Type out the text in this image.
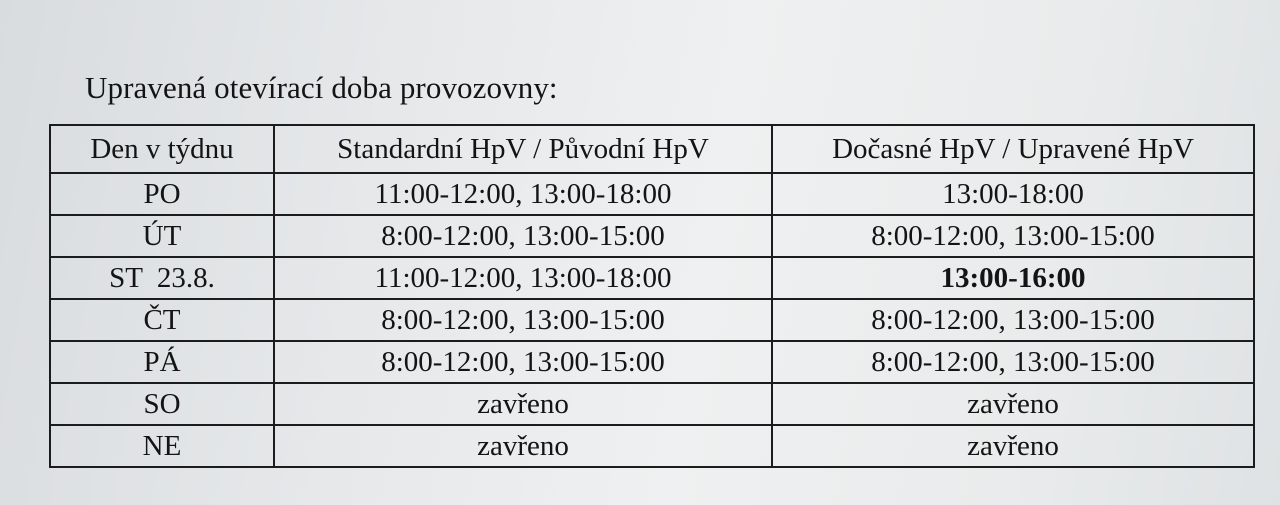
Upravená otevírací doba provozovny:
Den v týdnu	Standardní HpV / Původní HpV	Dočasné HpV / Upravené HpV
PO	11:00-12:00, 13:00-18:00	13:00-18:00
ÚT	8:00-12:00, 13:00-15:00	8:00-12:00, 13:00-15:00
ST  23.8.	11:00-12:00, 13:00-18:00	13:00-16:00
ČT	8:00-12:00, 13:00-15:00	8:00-12:00, 13:00-15:00
PÁ	8:00-12:00, 13:00-15:00	8:00-12:00, 13:00-15:00
SO	zavřeno	zavřeno
NE	zavřeno	zavřeno
